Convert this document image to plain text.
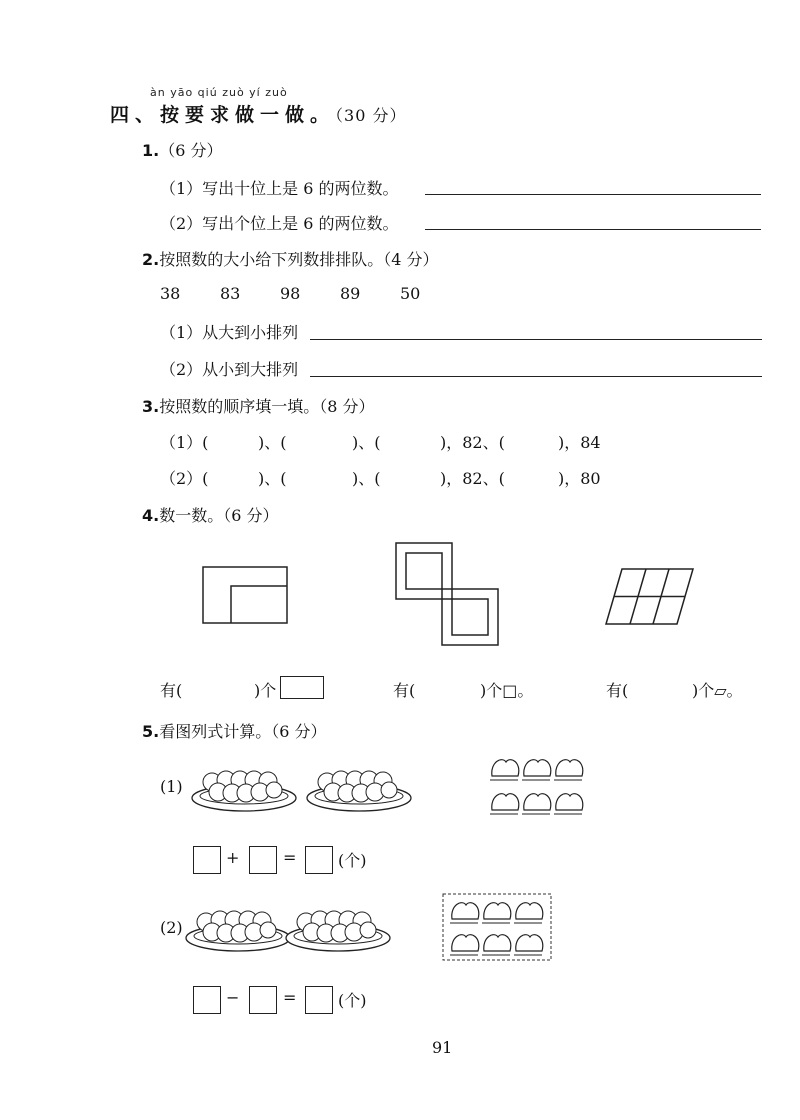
àn yāo qiú zuò yí zuò
四、按要求做一做。（30 分）
1.（6 分）
（1）写出十位上是 6 的两位数。
（2）写出个位上是 6 的两位数。
2.按照数的大小给下列数排排队。（4 分）
38 83 98 89 50
（1）从大到小排列
（2）从小到大排列
3.按照数的顺序填一填。（8 分）
（1）(	)、(	)、(	)，82、(	)，84
（2）(	)、(	)、(	)，82、(	)，80
4.数一数。（6 分）
有(	)个	有(	)个□。	有(	)个▱。
5.看图列式计算。（6 分）
(1)
+	=	(个)
(2)
−	=	(个)
91
